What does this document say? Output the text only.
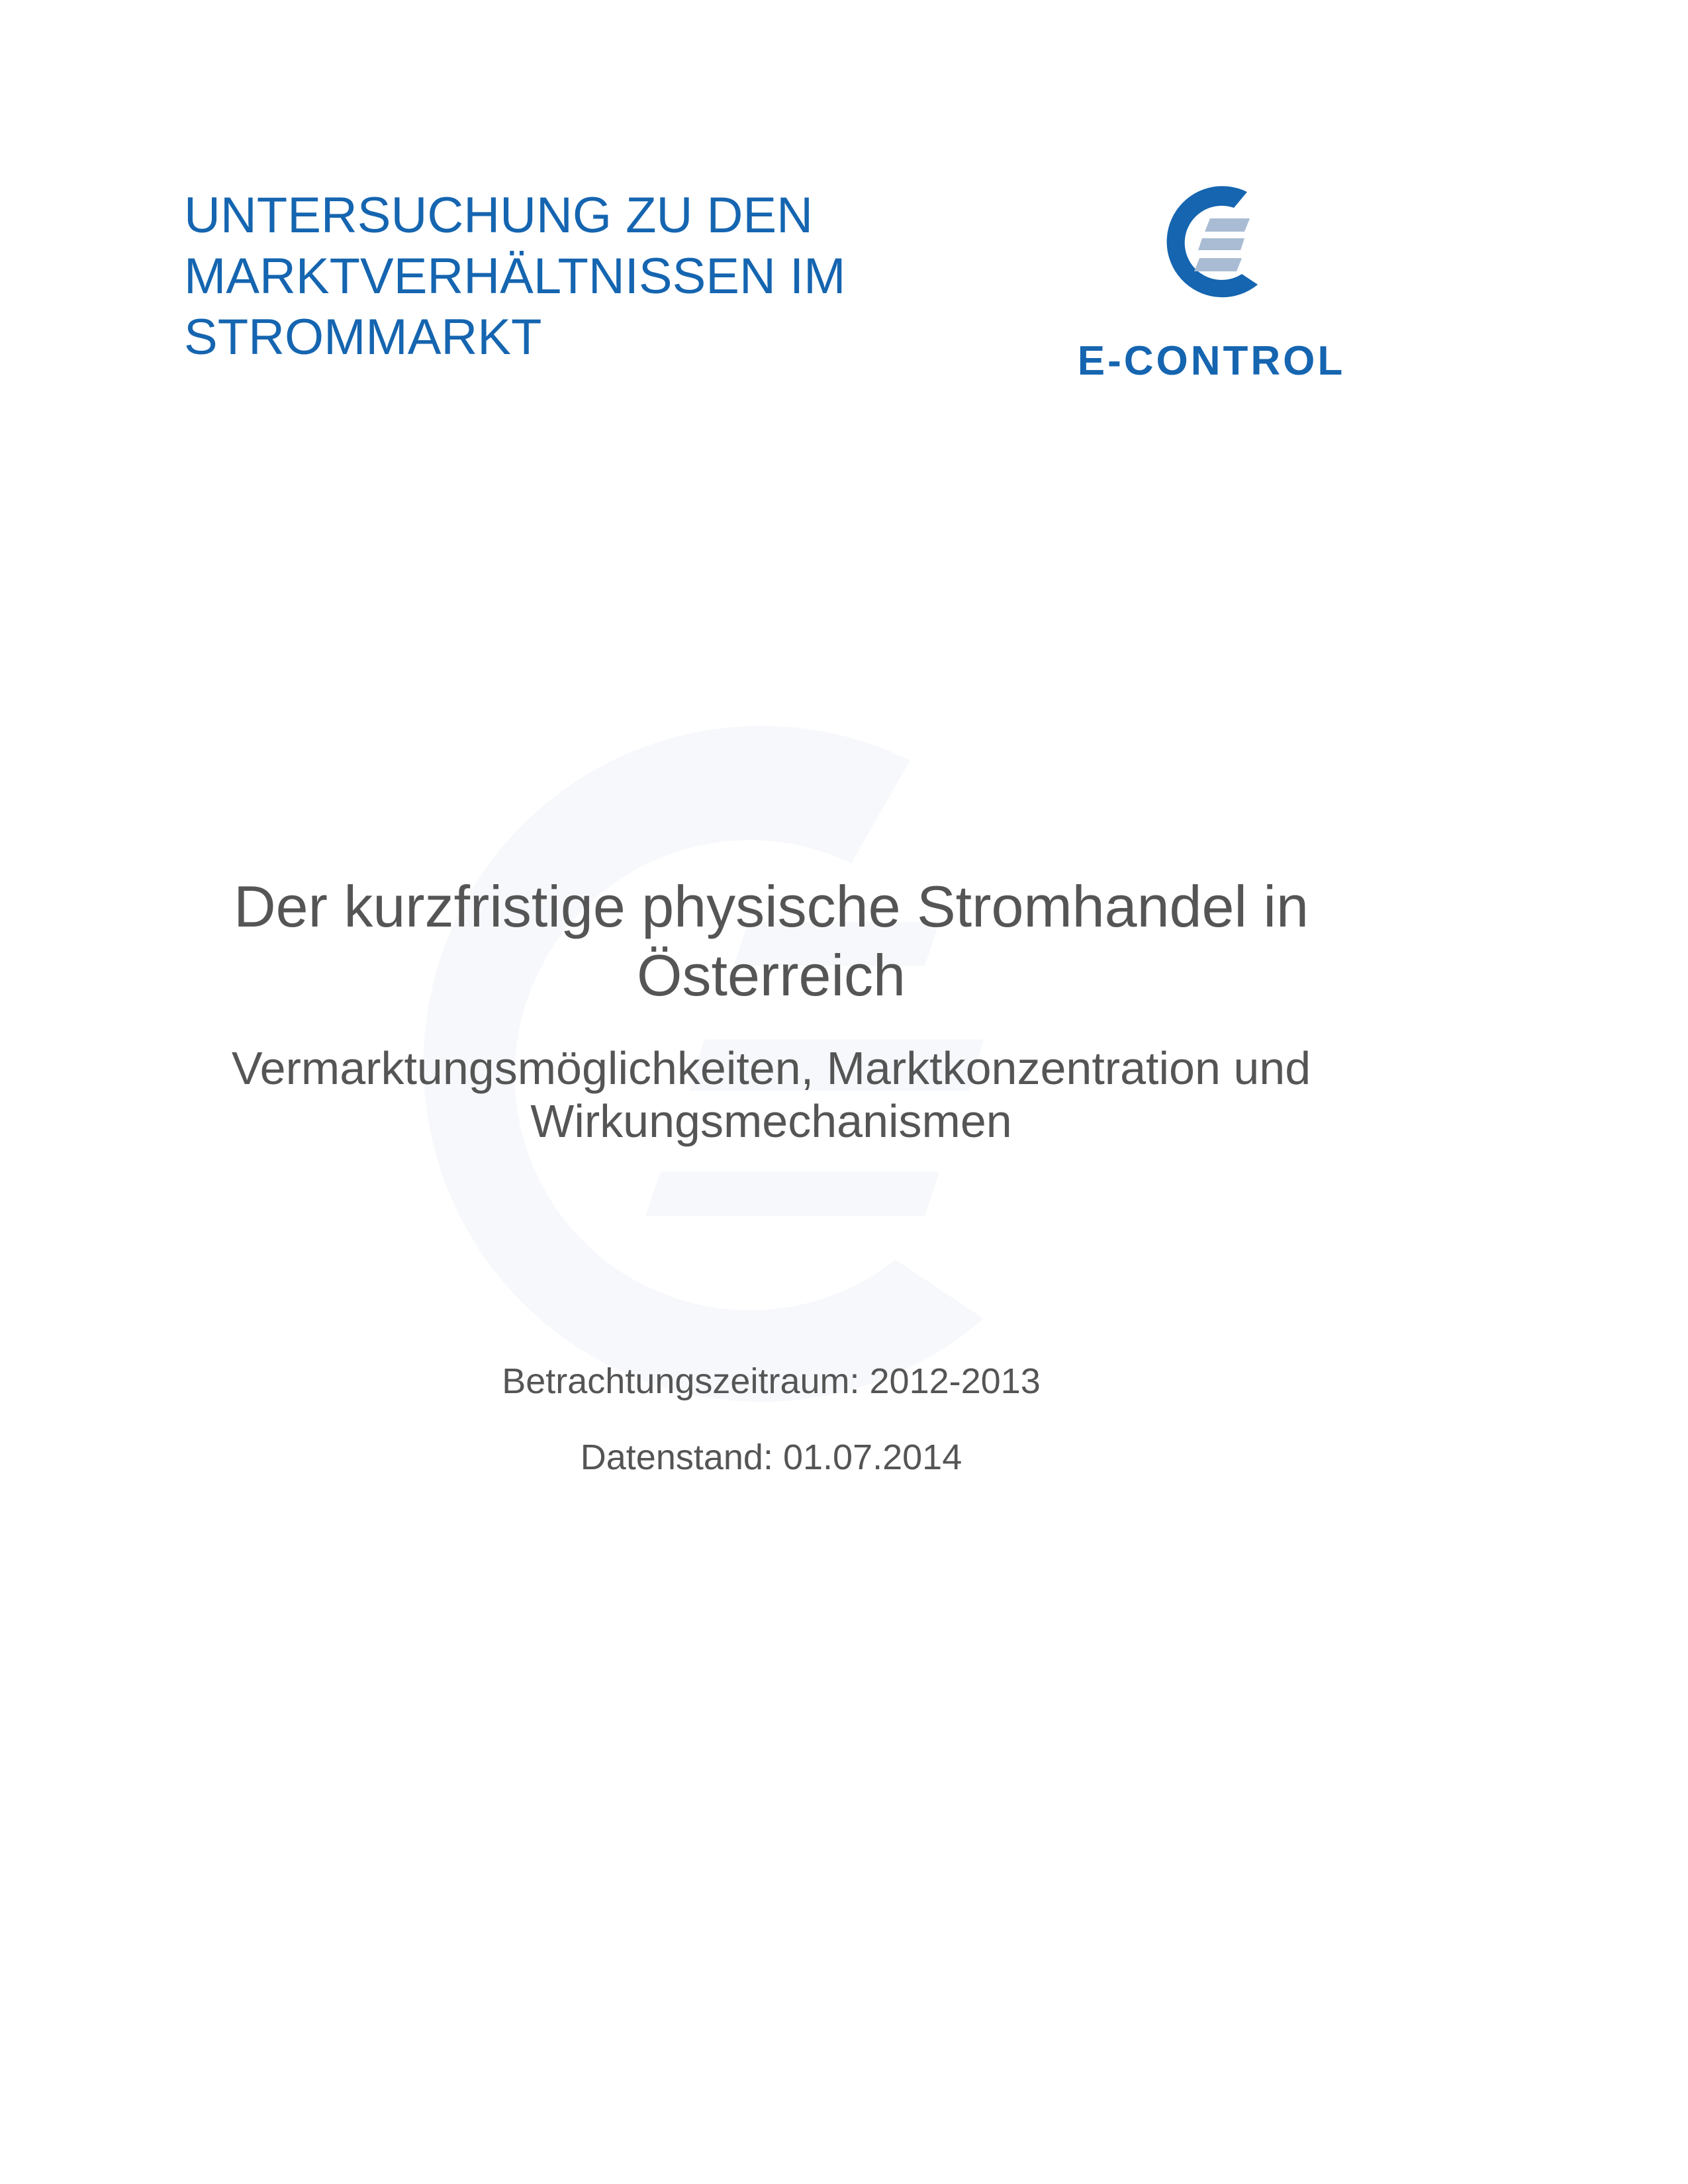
UNTERSUCHUNG ZU DEN
MARKTVERHÄLTNISSEN IM
STROMMARKT	E-CONTROL
Der kurzfristige physische Stromhandel in
Österreich
Vermarktungsmöglichkeiten, Marktkonzentration und
Wirkungsmechanismen
Betrachtungszeitraum: 2012-2013
Datenstand: 01.07.2014
